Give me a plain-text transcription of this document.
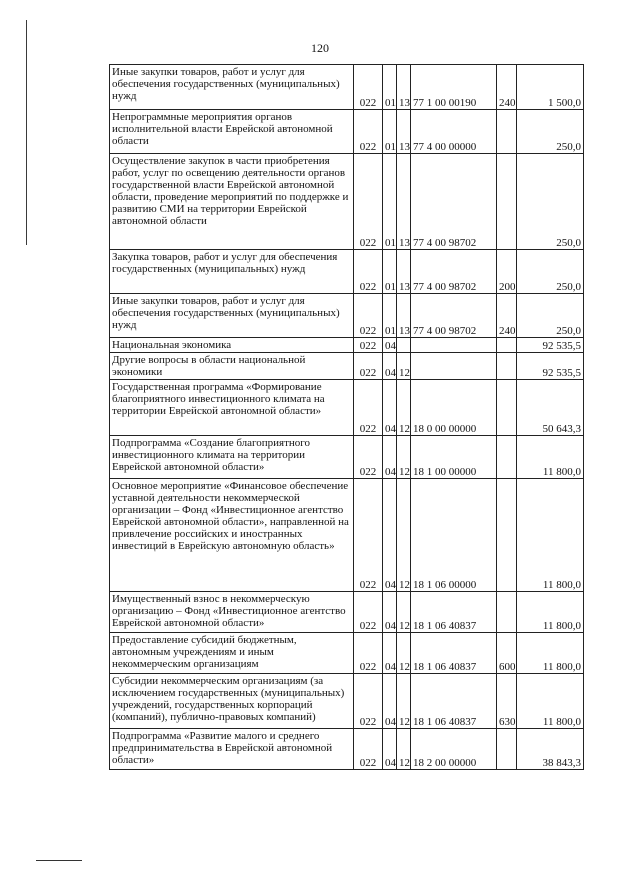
120
Иные закупки товаров, работ и услуг для обеспечения государственных (муниципальных) нужд	022	01	13	77 1 00 00190	240	1 500,0
Непрограммные мероприятия органов исполнительной власти Еврейской автономной области	022	01	13	77 4 00 00000		250,0
Осуществление закупок в части приобретения работ, услуг по освещению деятельности органов государственной власти Еврейской автономной области, проведение мероприятий по поддержке и развитию СМИ на территории Еврейской автономной области	022	01	13	77 4 00 98702		250,0
Закупка товаров, работ и услуг для обеспечения государственных (муниципальных) нужд	022	01	13	77 4 00 98702	200	250,0
Иные закупки товаров, работ и услуг для обеспечения государственных (муниципальных) нужд	022	01	13	77 4 00 98702	240	250,0
Национальная экономика	022	04				92 535,5
Другие вопросы в области национальной экономики	022	04	12			92 535,5
Государственная программа «Формирование благоприятного инвестиционного климата на территории Еврейской автономной области»	022	04	12	18 0 00 00000		50 643,3
Подпрограмма «Создание благоприятного инвестиционного климата на территории Еврейской автономной области»	022	04	12	18 1 00 00000		11 800,0
Основное мероприятие «Финансовое обеспечение уставной деятельности некоммерческой организации – Фонд «Инвестиционное агентство Еврейской автономной области», направленной на привлечение российских и иностранных инвестиций в Еврейскую автономную область»	022	04	12	18 1 06 00000		11 800,0
Имущественный взнос в некоммерческую организацию – Фонд «Инвестиционное агентство Еврейской автономной области»	022	04	12	18 1 06 40837		11 800,0
Предоставление субсидий бюджетным, автономным учреждениям и иным некоммерческим организациям	022	04	12	18 1 06 40837	600	11 800,0
Субсидии некоммерческим организациям (за исключением государственных (муниципальных) учреждений, государственных корпораций (компаний), публично-правовых компаний)	022	04	12	18 1 06 40837	630	11 800,0
Подпрограмма «Развитие малого и среднего предпринимательства в Еврейской автономной области»	022	04	12	18 2 00 00000		38 843,3
